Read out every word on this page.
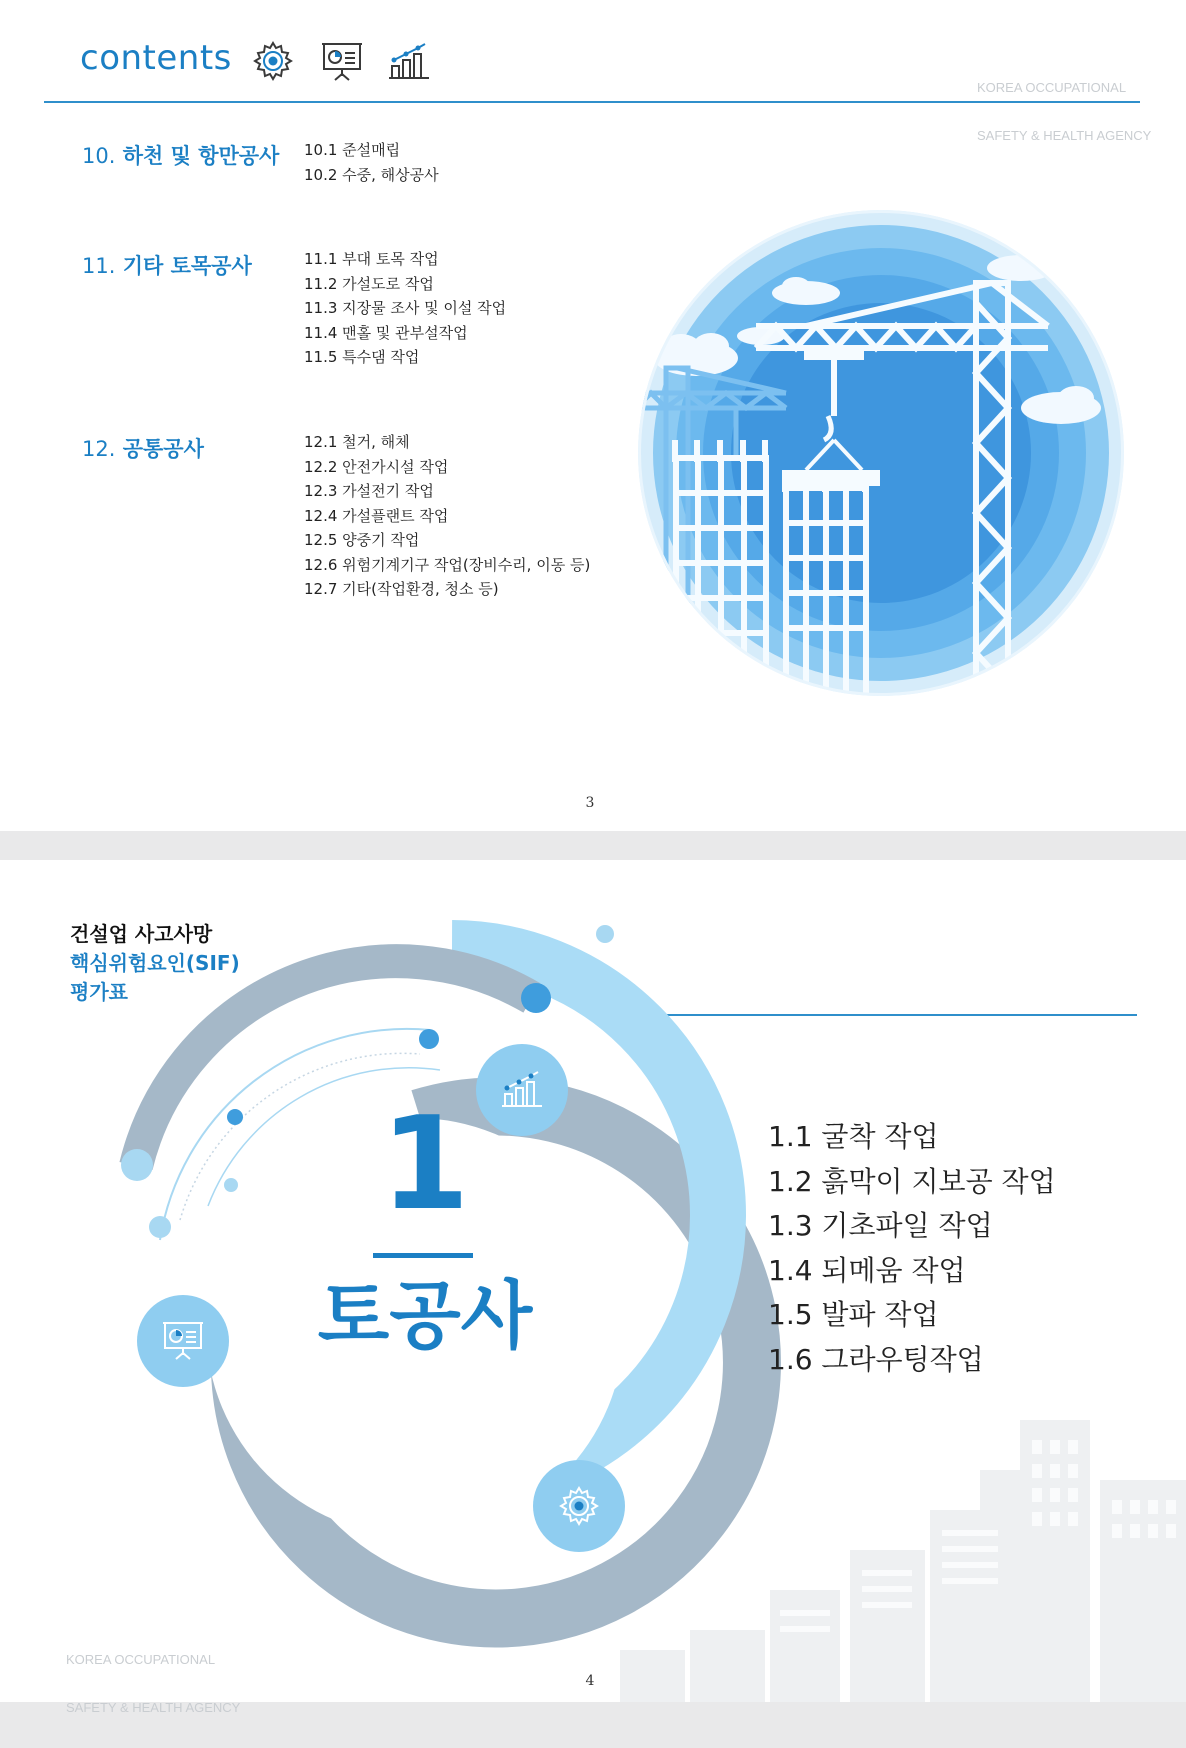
contents

KOREA OCCUPATIONAL

SAFETY & HEALTH AGENCY

10. 하천 및 항만공사 10.1 준설매립
10.2 수중, 해상공사
11. 기타 토목공사	11.1 부대 토목 작업
11.2 가설도로 작업
11.3 지장물 조사 및 이설 작업
11.4 맨홀 및 관부설작업
11.5 특수댐 작업
12. 공통공사	12.1 철거, 해체
12.2 안전가시설 작업
12.3 가설전기 작업
12.4 가설플랜트 작업
12.5 양중기 작업
12.6 위험기계기구 작업(장비수리, 이동 등)
12.7 기타(작업환경, 청소 등)
3
건설업 사고사망
핵심위험요인(SIF)
평가표
1
토공사
1.1 굴착 작업
1.2 흙막이 지보공 작업
1.3 기초파일 작업
1.4 되메움 작업
1.5 발파 작업
1.6 그라우팅작업

KOREA OCCUPATIONAL

SAFETY & HEALTH AGENCY

4
